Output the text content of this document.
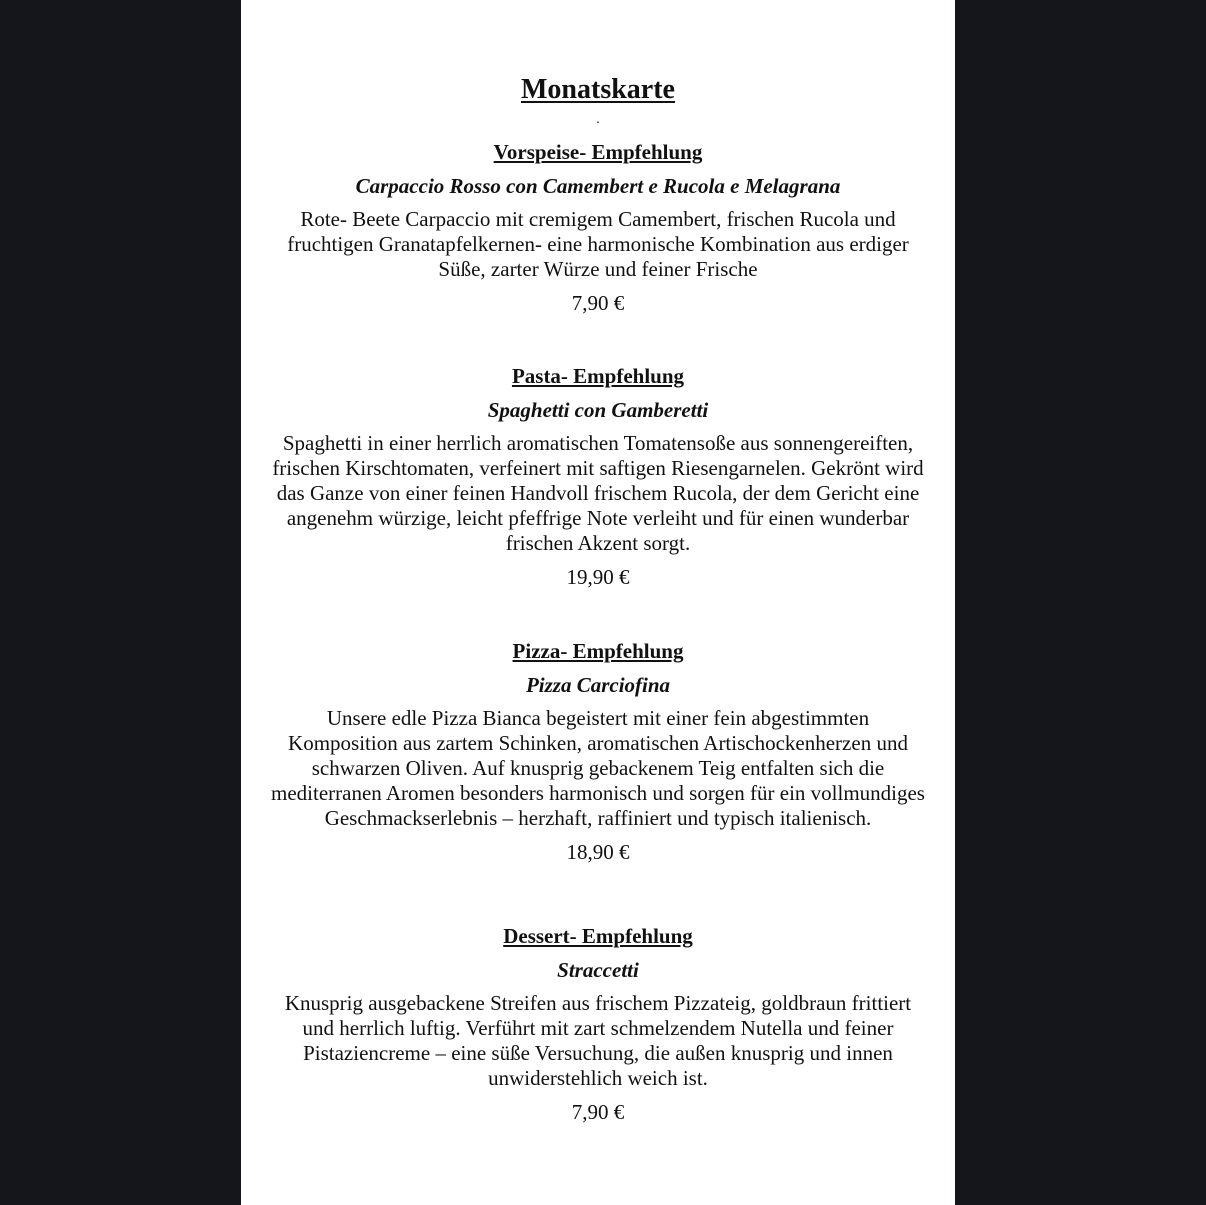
Monatskarte
.
Vorspeise- Empfehlung
Carpaccio Rosso con Camembert e Rucola e Melagrana
Rote- Beete Carpaccio mit cremigem Camembert, frischen Rucola und fruchtigen Granatapfelkernen- eine harmonische Kombination aus erdiger Süße, zarter Würze und feiner Frische
7,90 €
Pasta- Empfehlung
Spaghetti con Gamberetti
Spaghetti in einer herrlich aromatischen Tomatensoße aus sonnengereiften, frischen Kirschtomaten, verfeinert mit saftigen Riesengarnelen. Gekrönt wird das Ganze von einer feinen Handvoll frischem Rucola, der dem Gericht eine angenehm würzige, leicht pfeffrige Note verleiht und für einen wunderbar frischen Akzent sorgt.
19,90 €
Pizza- Empfehlung
Pizza Carciofina
Unsere edle Pizza Bianca begeistert mit einer fein abgestimmten Komposition aus zartem Schinken, aromatischen Artischockenherzen und schwarzen Oliven. Auf knusprig gebackenem Teig entfalten sich die mediterranen Aromen besonders harmonisch und sorgen für ein vollmundiges Geschmackserlebnis – herzhaft, raffiniert und typisch italienisch.
18,90 €
Dessert- Empfehlung
Straccetti
Knusprig ausgebackene Streifen aus frischem Pizzateig, goldbraun frittiert und herrlich luftig. Verführt mit zart schmelzendem Nutella und feiner Pistaziencreme – eine süße Versuchung, die außen knusprig und innen unwiderstehlich weich ist.
7,90 €
